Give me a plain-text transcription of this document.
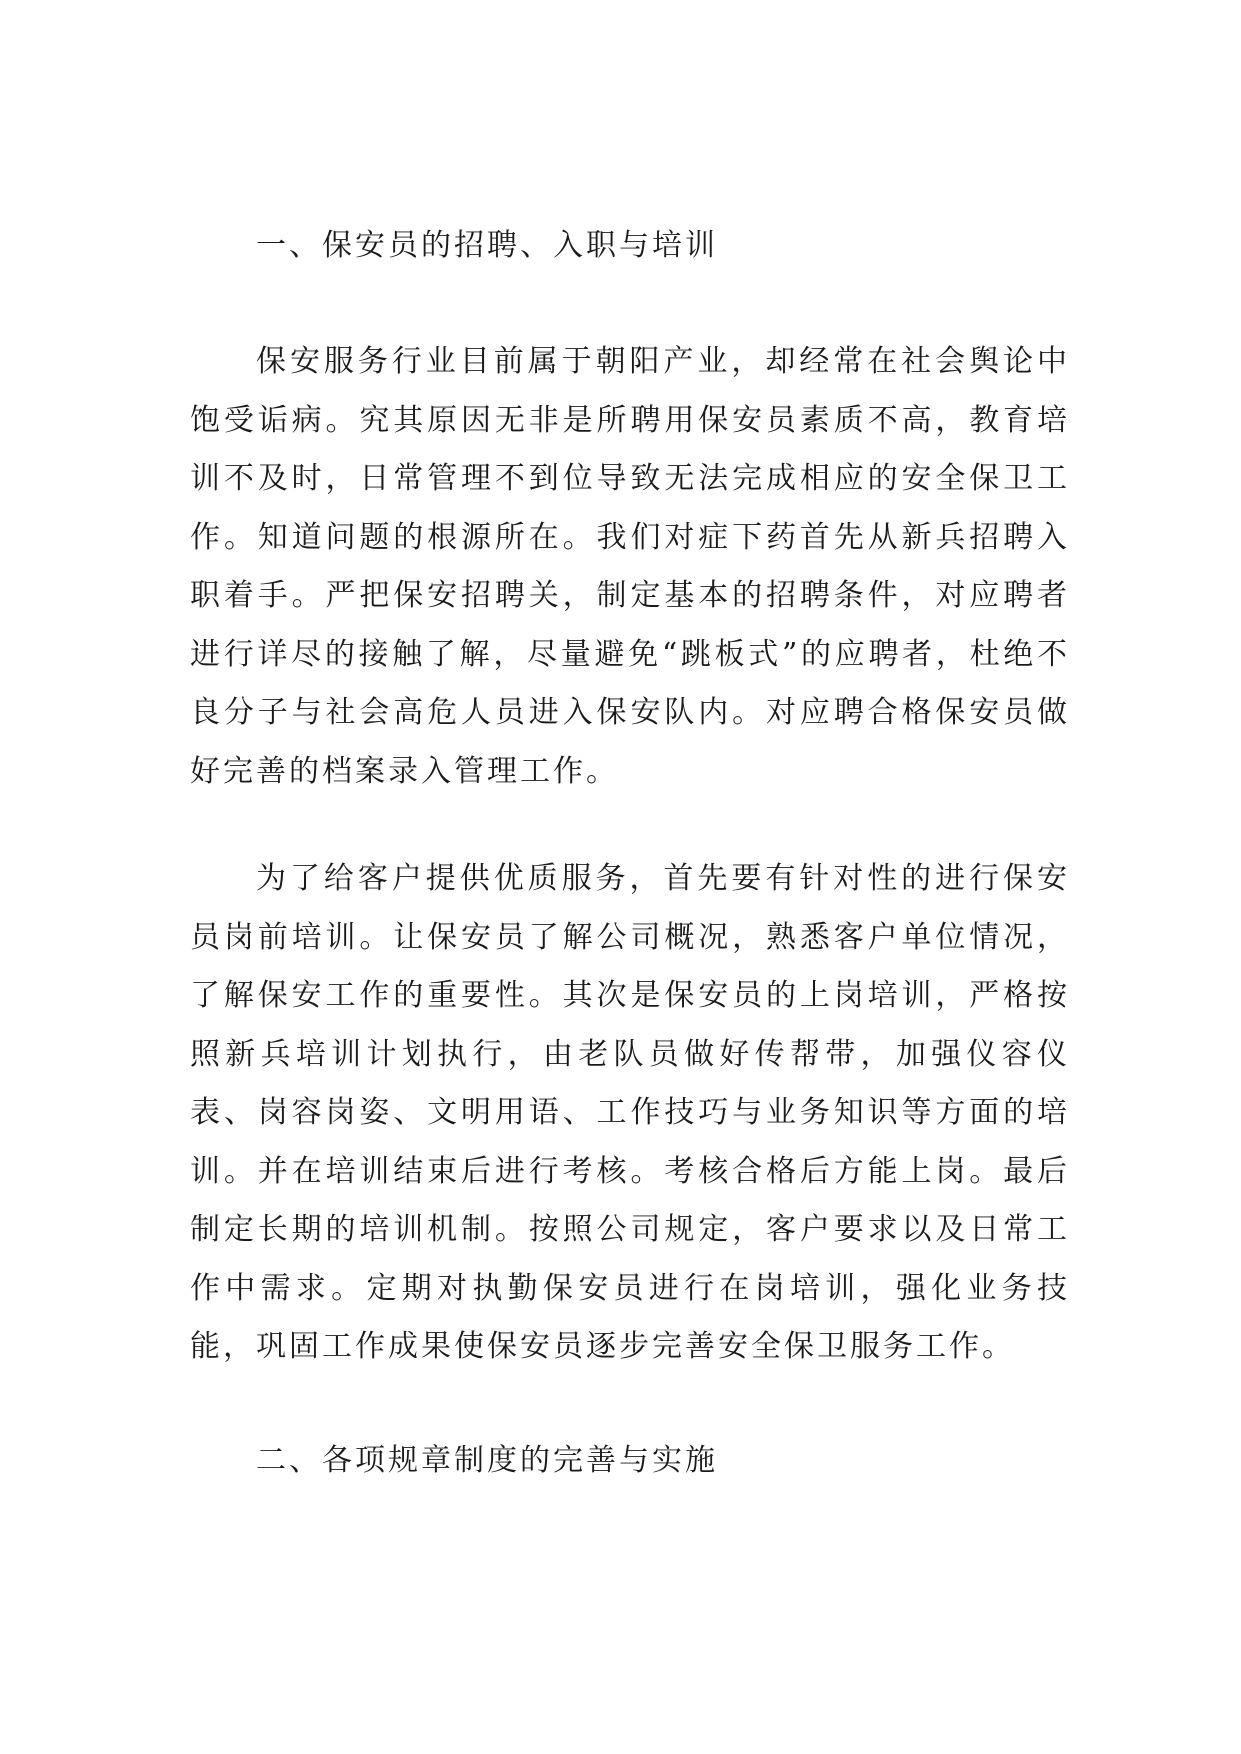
一、保安员的招聘、入职与培训

保安服务行业目前属于朝阳产业，却经常在社会舆论中饱受诟病。究其原因无非是所聘用保安员素质不高，教育培训不及时，日常管理不到位导致无法完成相应的安全保卫工作。知道问题的根源所在。我们对症下药首先从新兵招聘入职着手。严把保安招聘关，制定基本的招聘条件，对应聘者进行详尽的接触了解，尽量避免“跳板式”的应聘者，杜绝不良分子与社会高危人员进入保安队内。对应聘合格保安员做好完善的档案录入管理工作。

为了给客户提供优质服务，首先要有针对性的进行保安员岗前培训。让保安员了解公司概况，熟悉客户单位情况，了解保安工作的重要性。其次是保安员的上岗培训，严格按照新兵培训计划执行，由老队员做好传帮带，加强仪容仪表、岗容岗姿、文明用语、工作技巧与业务知识等方面的培训。并在培训结束后进行考核。考核合格后方能上岗。最后制定长期的培训机制。按照公司规定，客户要求以及日常工作中需求。定期对执勤保安员进行在岗培训，强化业务技能，巩固工作成果使保安员逐步完善安全保卫服务工作。

二、各项规章制度的完善与实施
